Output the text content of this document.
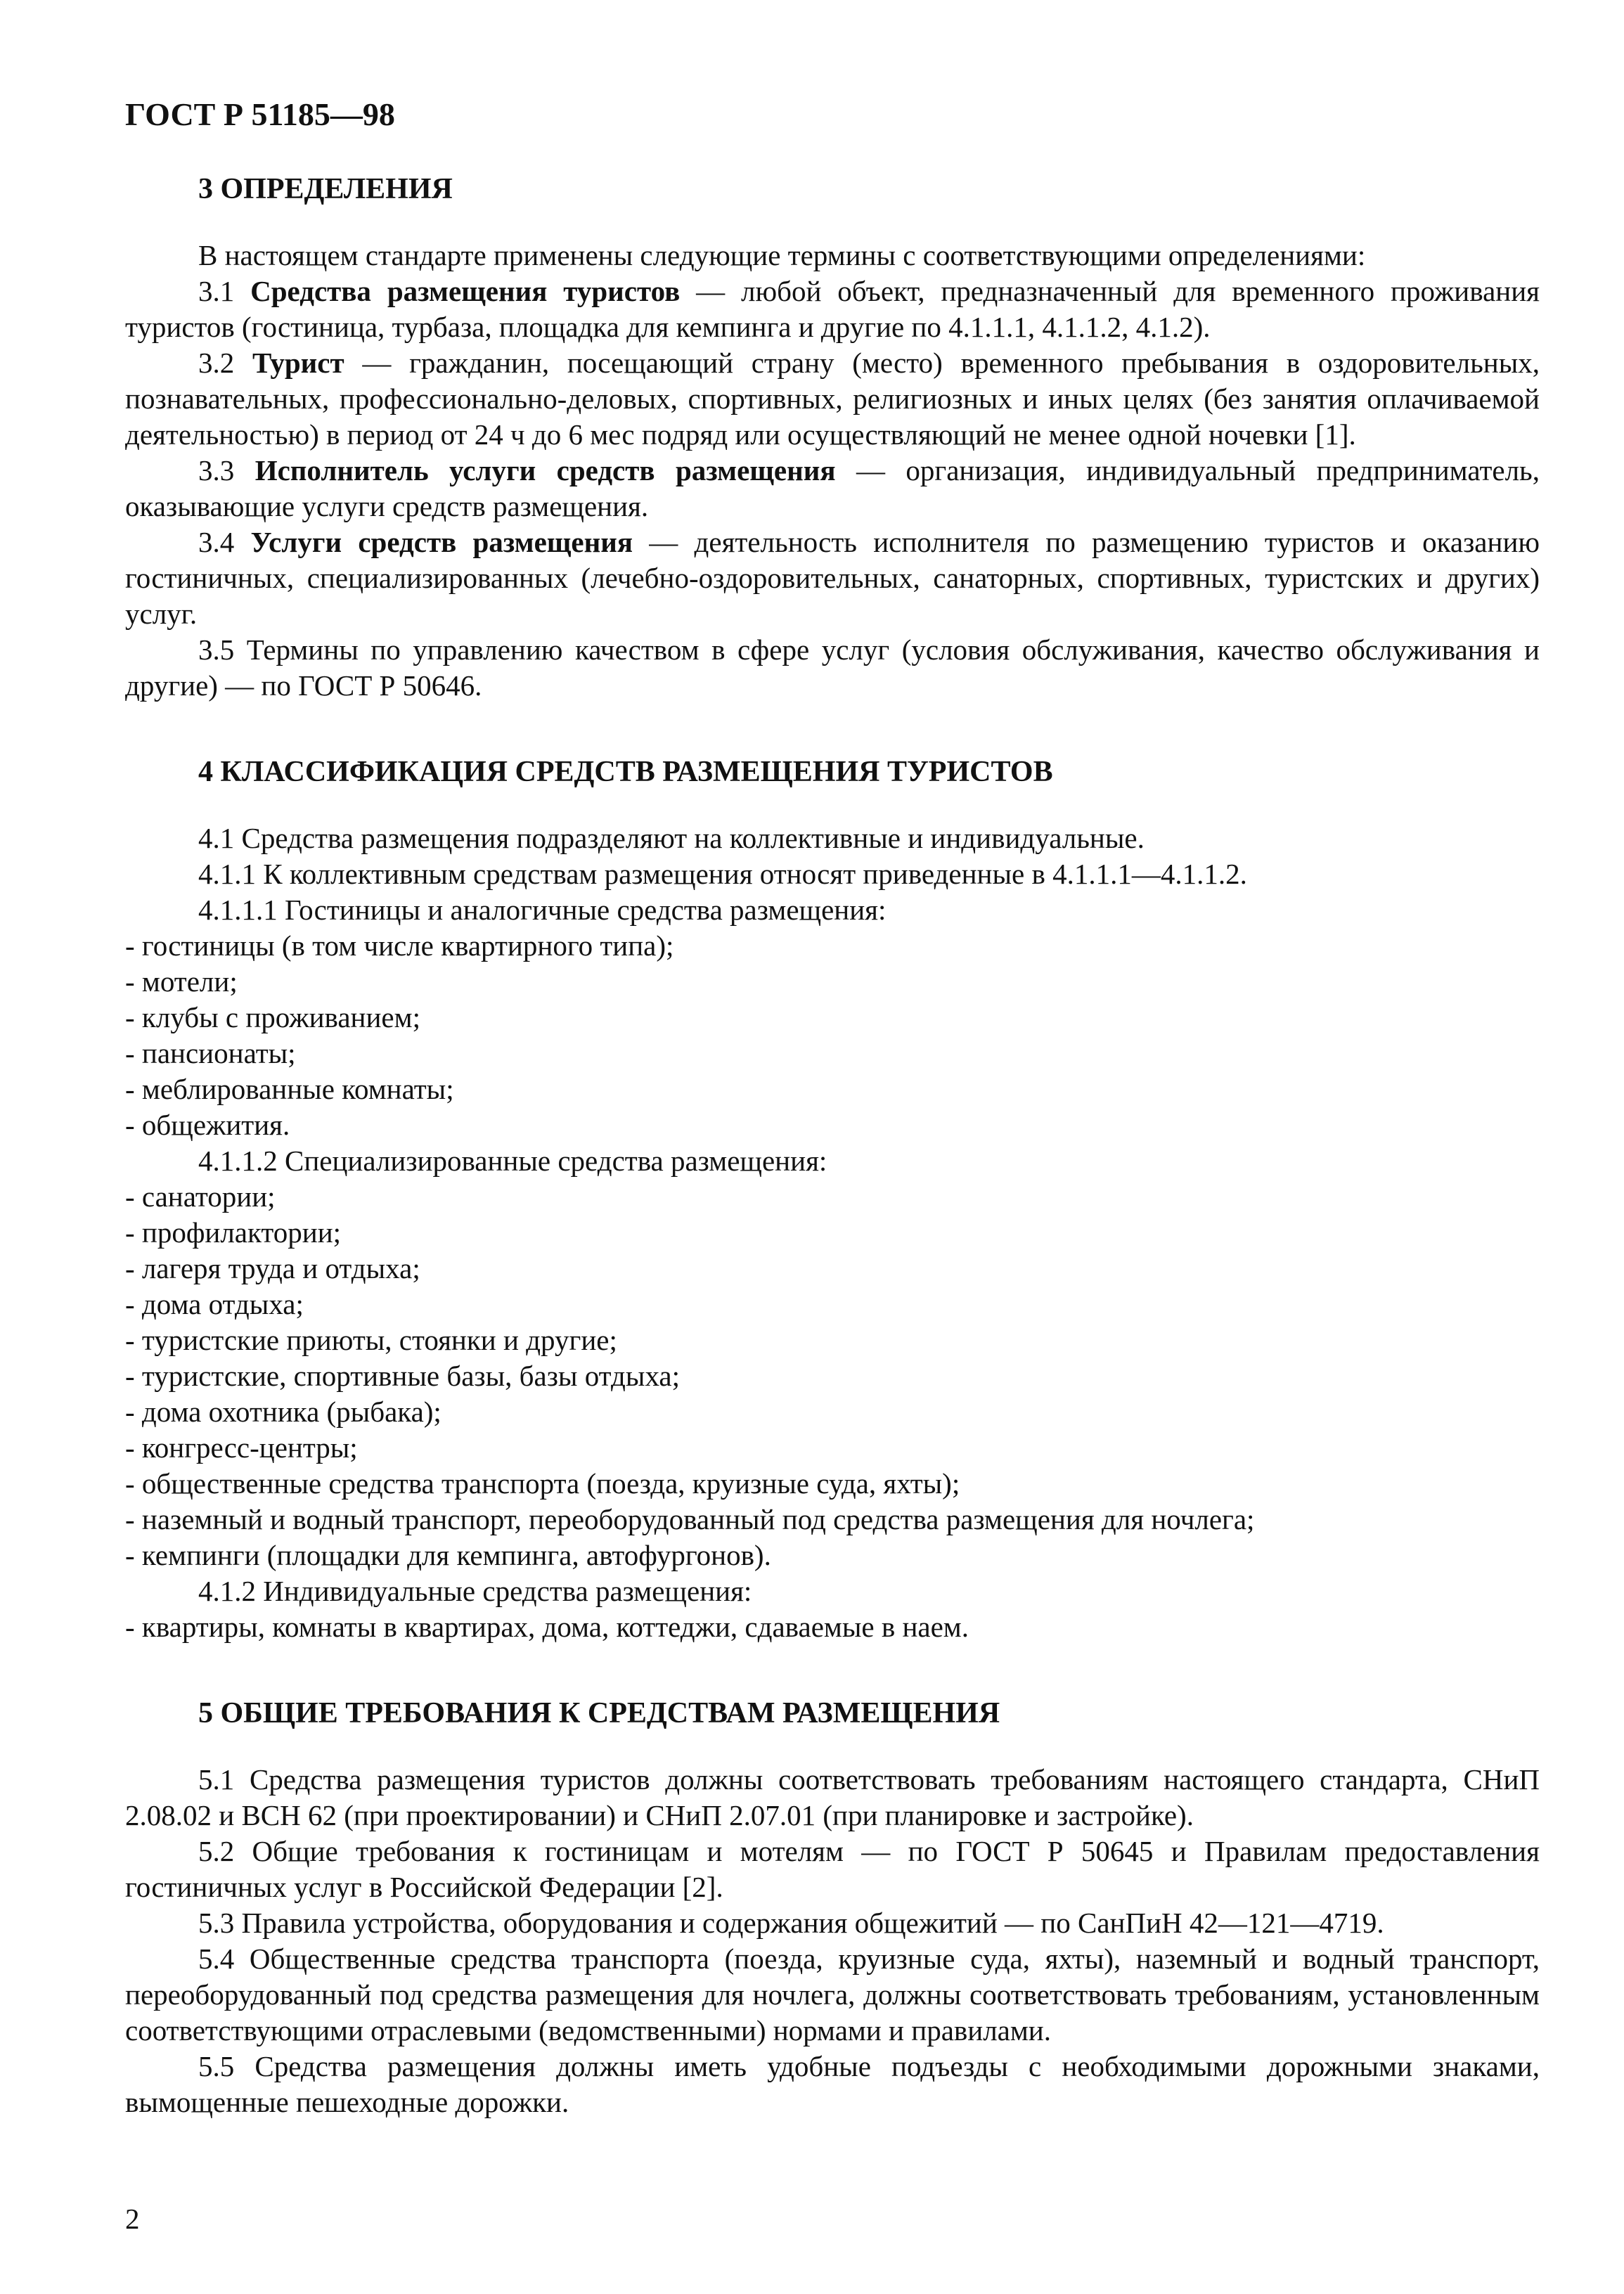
ГОСТ Р 51185—98
3 ОПРЕДЕЛЕНИЯ
В настоящем стандарте применены следующие термины с соответствующими определениями:
3.1 Средства размещения туристов — любой объект, предназначенный для временного проживания туристов (гостиница, турбаза, площадка для кемпинга и другие по 4.1.1.1, 4.1.1.2, 4.1.2).
3.2 Турист — гражданин, посещающий страну (место) временного пребывания в оздоровительных, познавательных, профессионально-деловых, спортивных, религиозных и иных целях (без занятия оплачиваемой деятельностью) в период от 24 ч до 6 мес подряд или осуществляющий не менее одной ночевки [1].
3.3 Исполнитель услуги средств размещения — организация, индивидуальный предприниматель, оказывающие услуги средств размещения.
3.4 Услуги средств размещения — деятельность исполнителя по размещению туристов и оказанию гостиничных, специализированных (лечебно-оздоровительных, санаторных, спортивных, туристских и других) услуг.
3.5 Термины по управлению качеством в сфере услуг (условия обслуживания, качество обслуживания и другие) — по ГОСТ Р 50646.
4 КЛАССИФИКАЦИЯ СРЕДСТВ РАЗМЕЩЕНИЯ ТУРИСТОВ
4.1 Средства размещения подразделяют на коллективные и индивидуальные.
4.1.1 К коллективным средствам размещения относят приведенные в 4.1.1.1—4.1.1.2.
4.1.1.1 Гостиницы и аналогичные средства размещения:
- гостиницы (в том числе квартирного типа);
- мотели;
- клубы с проживанием;
- пансионаты;
- меблированные комнаты;
- общежития.
4.1.1.2 Специализированные средства размещения:
- санатории;
- профилактории;
- лагеря труда и отдыха;
- дома отдыха;
- туристские приюты, стоянки и другие;
- туристские, спортивные базы, базы отдыха;
- дома охотника (рыбака);
- конгресс-центры;
- общественные средства транспорта (поезда, круизные суда, яхты);
- наземный и водный транспорт, переоборудованный под средства размещения для ночлега;
- кемпинги (площадки для кемпинга, автофургонов).
4.1.2 Индивидуальные средства размещения:
- квартиры, комнаты в квартирах, дома, коттеджи, сдаваемые в наем.
5 ОБЩИЕ ТРЕБОВАНИЯ К СРЕДСТВАМ РАЗМЕЩЕНИЯ
5.1 Средства размещения туристов должны соответствовать требованиям настоящего стандарта, СНиП 2.08.02 и ВСН 62 (при проектировании) и СНиП 2.07.01 (при планировке и застройке).
5.2 Общие требования к гостиницам и мотелям — по ГОСТ Р 50645 и Правилам предоставления гостиничных услуг в Российской Федерации [2].
5.3 Правила устройства, оборудования и содержания общежитий — по СанПиН 42—121—4719.
5.4 Общественные средства транспорта (поезда, круизные суда, яхты), наземный и водный транспорт, переоборудованный под средства размещения для ночлега, должны соответствовать требованиям, установленным соответствующими отраслевыми (ведомственными) нормами и правилами.
5.5 Средства размещения должны иметь удобные подъезды с необходимыми дорожными знаками, вымощенные пешеходные дорожки.
2
